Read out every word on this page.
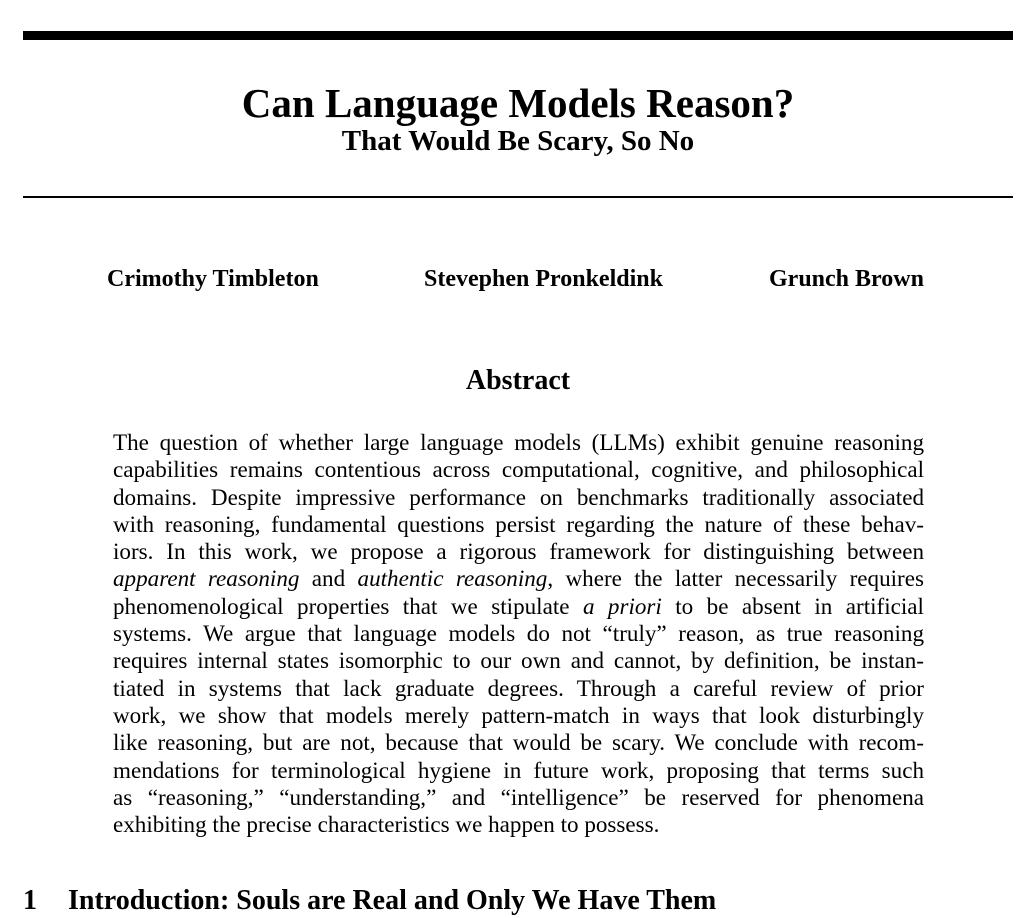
Can Language Models Reason?
That Would Be Scary, So No
Crimothy Timbleton	Stevephen Pronkeldink	Grunch Brown
Abstract
The question of whether large language models (LLMs) exhibit genuine reasoning
capabilities remains contentious across computational, cognitive, and philosophical
domains. Despite impressive performance on benchmarks traditionally associated
with reasoning, fundamental questions persist regarding the nature of these behav-
iors. In this work, we propose a rigorous framework for distinguishing between
apparent reasoning and authentic reasoning, where the latter necessarily requires
phenomenological properties that we stipulate a priori to be absent in artificial
systems. We argue that language models do not “truly” reason, as true reasoning
requires internal states isomorphic to our own and cannot, by definition, be instan-
tiated in systems that lack graduate degrees. Through a careful review of prior
work, we show that models merely pattern-match in ways that look disturbingly
like reasoning, but are not, because that would be scary. We conclude with recom-
mendations for terminological hygiene in future work, proposing that terms such
as “reasoning,” “understanding,” and “intelligence” be reserved for phenomena
exhibiting the precise characteristics we happen to possess.
1 Introduction: Souls are Real and Only We Have Them
